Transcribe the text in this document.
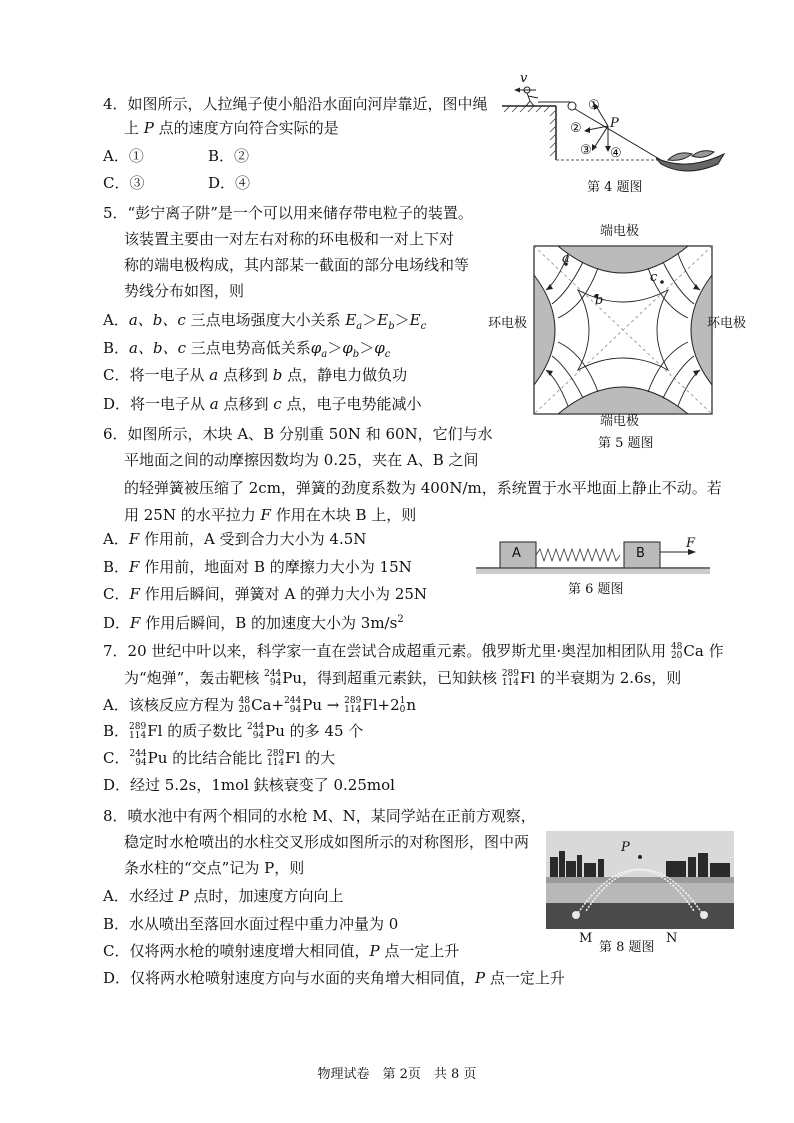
4．如图所示，人拉绳子使小船沿水面向河岸靠近，图中绳
上 P 点的速度方向符合实际的是
A．①	B．②
C．③	D．④
v
P
①
②
③ ④
第 4 题图
5．“彭宁离子阱”是一个可以用来储存带电粒子的装置。
该装置主要由一对左右对称的环电极和一对上下对
称的端电极构成，其内部某一截面的部分电场线和等
势线分布如图，则
A．a、b、c 三点电场强度大小关系 $E_a>E_b>E_c$
B．a、b、c 三点电势高低关系$\varphi_a>\varphi_b>\varphi_c$
C．将一电子从 a 点移到 b 点，静电力做负功
D．将一电子从 a 点移到 c 点，电子电势能减小
端电极
端电极
环电极	环电极
a
b
c
第 5 题图
6．如图所示，木块 A、B 分别重 50N 和 60N，它们与水
平地面之间的动摩擦因数均为 0.25，夹在 A、B 之间
的轻弹簧被压缩了 2cm，弹簧的劲度系数为 400N/m，系统置于水平地面上静止不动。若
用 25N 的水平拉力 F 作用在木块 B 上，则
A．F 作用前，A 受到合力大小为 4.5N
B．F 作用前，地面对 B 的摩擦力大小为 15N
C．F 作用后瞬间，弹簧对 A 的弹力大小为 25N
D．F 作用后瞬间，B 的加速度大小为 $3m/s^2$
A	B
F
第 6 题图
7．20 世纪中叶以来，科学家一直在尝试合成超重元素。俄罗斯尤里·奥涅加相团队用 48
20 Ca 作
为“炮弹”，轰击靶核 244
94 Pu，得到超重元素鈇，已知鈇核 289
114 Fl 的半衰期为 2.6s，则
A．该核反应方程为 48
20 Ca+ 244
94 Pu → 289
114 Fl+2 1
0 n
B． 289
114 Fl 的质子数比 244
94 Pu 的多 45 个
C． 244
94 Pu 的比结合能比 289
114 Fl 的大
D．经过 5.2s，1mol 鈇核衰变了 0.25mol
8．喷水池中有两个相同的水枪 M、N，某同学站在正前方观察，
稳定时水枪喷出的水柱交叉形成如图所示的对称图形，图中两
条水柱的“交点”记为 P，则
A．水经过 P 点时，加速度方向向上
B．水从喷出至落回水面过程中重力冲量为 0
C．仅将两水枪的喷射速度增大相同值，P 点一定上升
D．仅将两水枪喷射速度方向与水面的夹角增大相同值，P 点一定上升
P
M	N
第 8 题图
物理试卷　第 2页　共 8 页
